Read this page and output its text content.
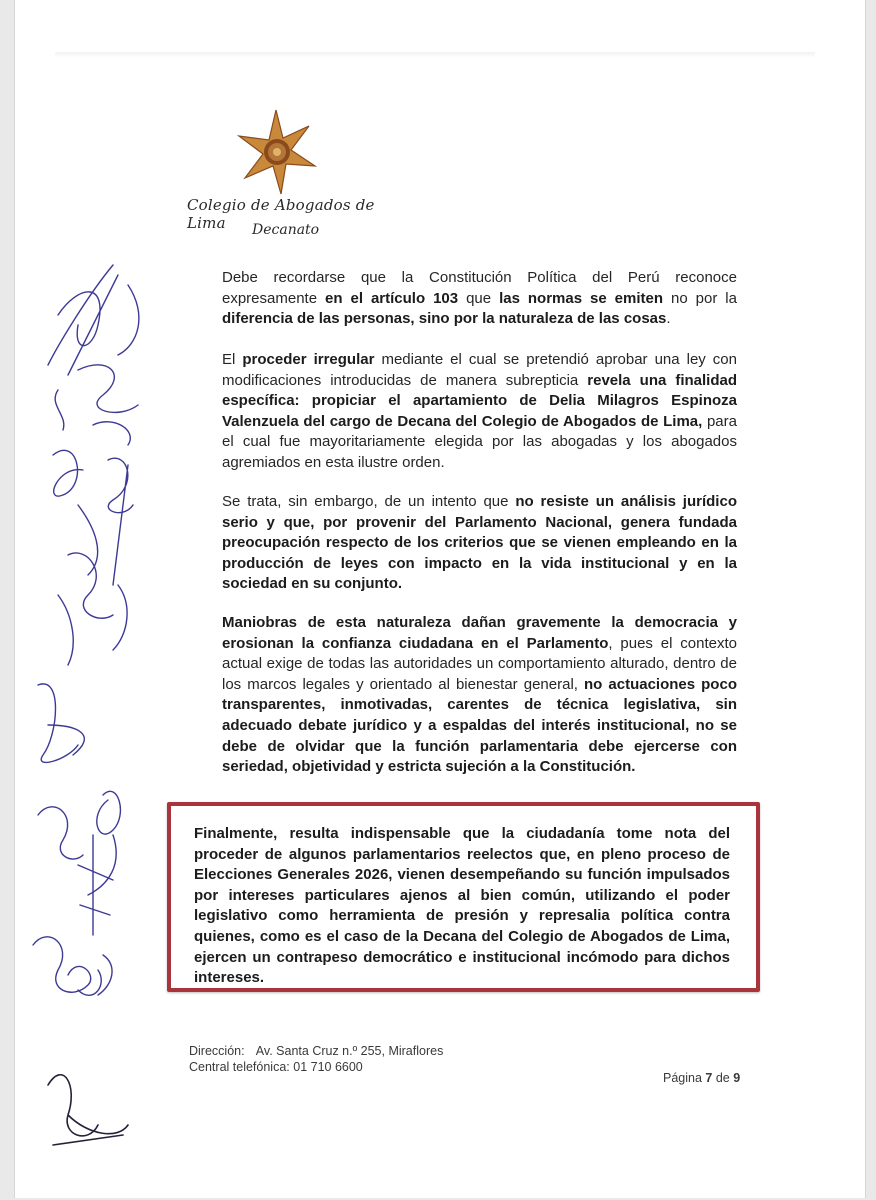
Colegio de Abogados de Lima	Decanato

Debe recordarse que la Constitución Política del Perú reconoce expresamente en el artículo 103 que las normas se emiten no por la diferencia de las personas, sino por la naturaleza de las cosas.

El proceder irregular mediante el cual se pretendió aprobar una ley con modificaciones introducidas de manera subrepticia revela una finalidad específica: propiciar el apartamiento de Delia Milagros Espinoza Valenzuela del cargo de Decana del Colegio de Abogados de Lima, para el cual fue mayoritariamente elegida por las abogadas y los abogados agremiados en esta ilustre orden.

Se trata, sin embargo, de un intento que no resiste un análisis jurídico serio y que, por provenir del Parlamento Nacional, genera fundada preocupación respecto de los criterios que se vienen empleando en la producción de leyes con impacto en la vida institucional y en la sociedad en su conjunto.

Maniobras de esta naturaleza dañan gravemente la democracia y erosionan la confianza ciudadana en el Parlamento, pues el contexto actual exige de todas las autoridades un comportamiento alturado, dentro de los marcos legales y orientado al bienestar general, no actuaciones poco transparentes, inmotivadas, carentes de técnica legislativa, sin adecuado debate jurídico y a espaldas del interés institucional, no se debe de olvidar que la función parlamentaria debe ejercerse con seriedad, objetividad y estricta sujeción a la Constitución.

Finalmente, resulta indispensable que la ciudadanía tome nota del proceder de algunos parlamentarios reelectos que, en pleno proceso de Elecciones Generales 2026, vienen desempeñando su función impulsados por intereses particulares ajenos al bien común, utilizando el poder legislativo como herramienta de presión y represalia política contra quienes, como es el caso de la Decana del Colegio de Abogados de Lima, ejercen un contrapeso democrático e institucional incómodo para dichos intereses.

Dirección: Av. Santa Cruz n.º 255, Miraflores
Central telefónica: 01 710 6600
Página 7 de 9
